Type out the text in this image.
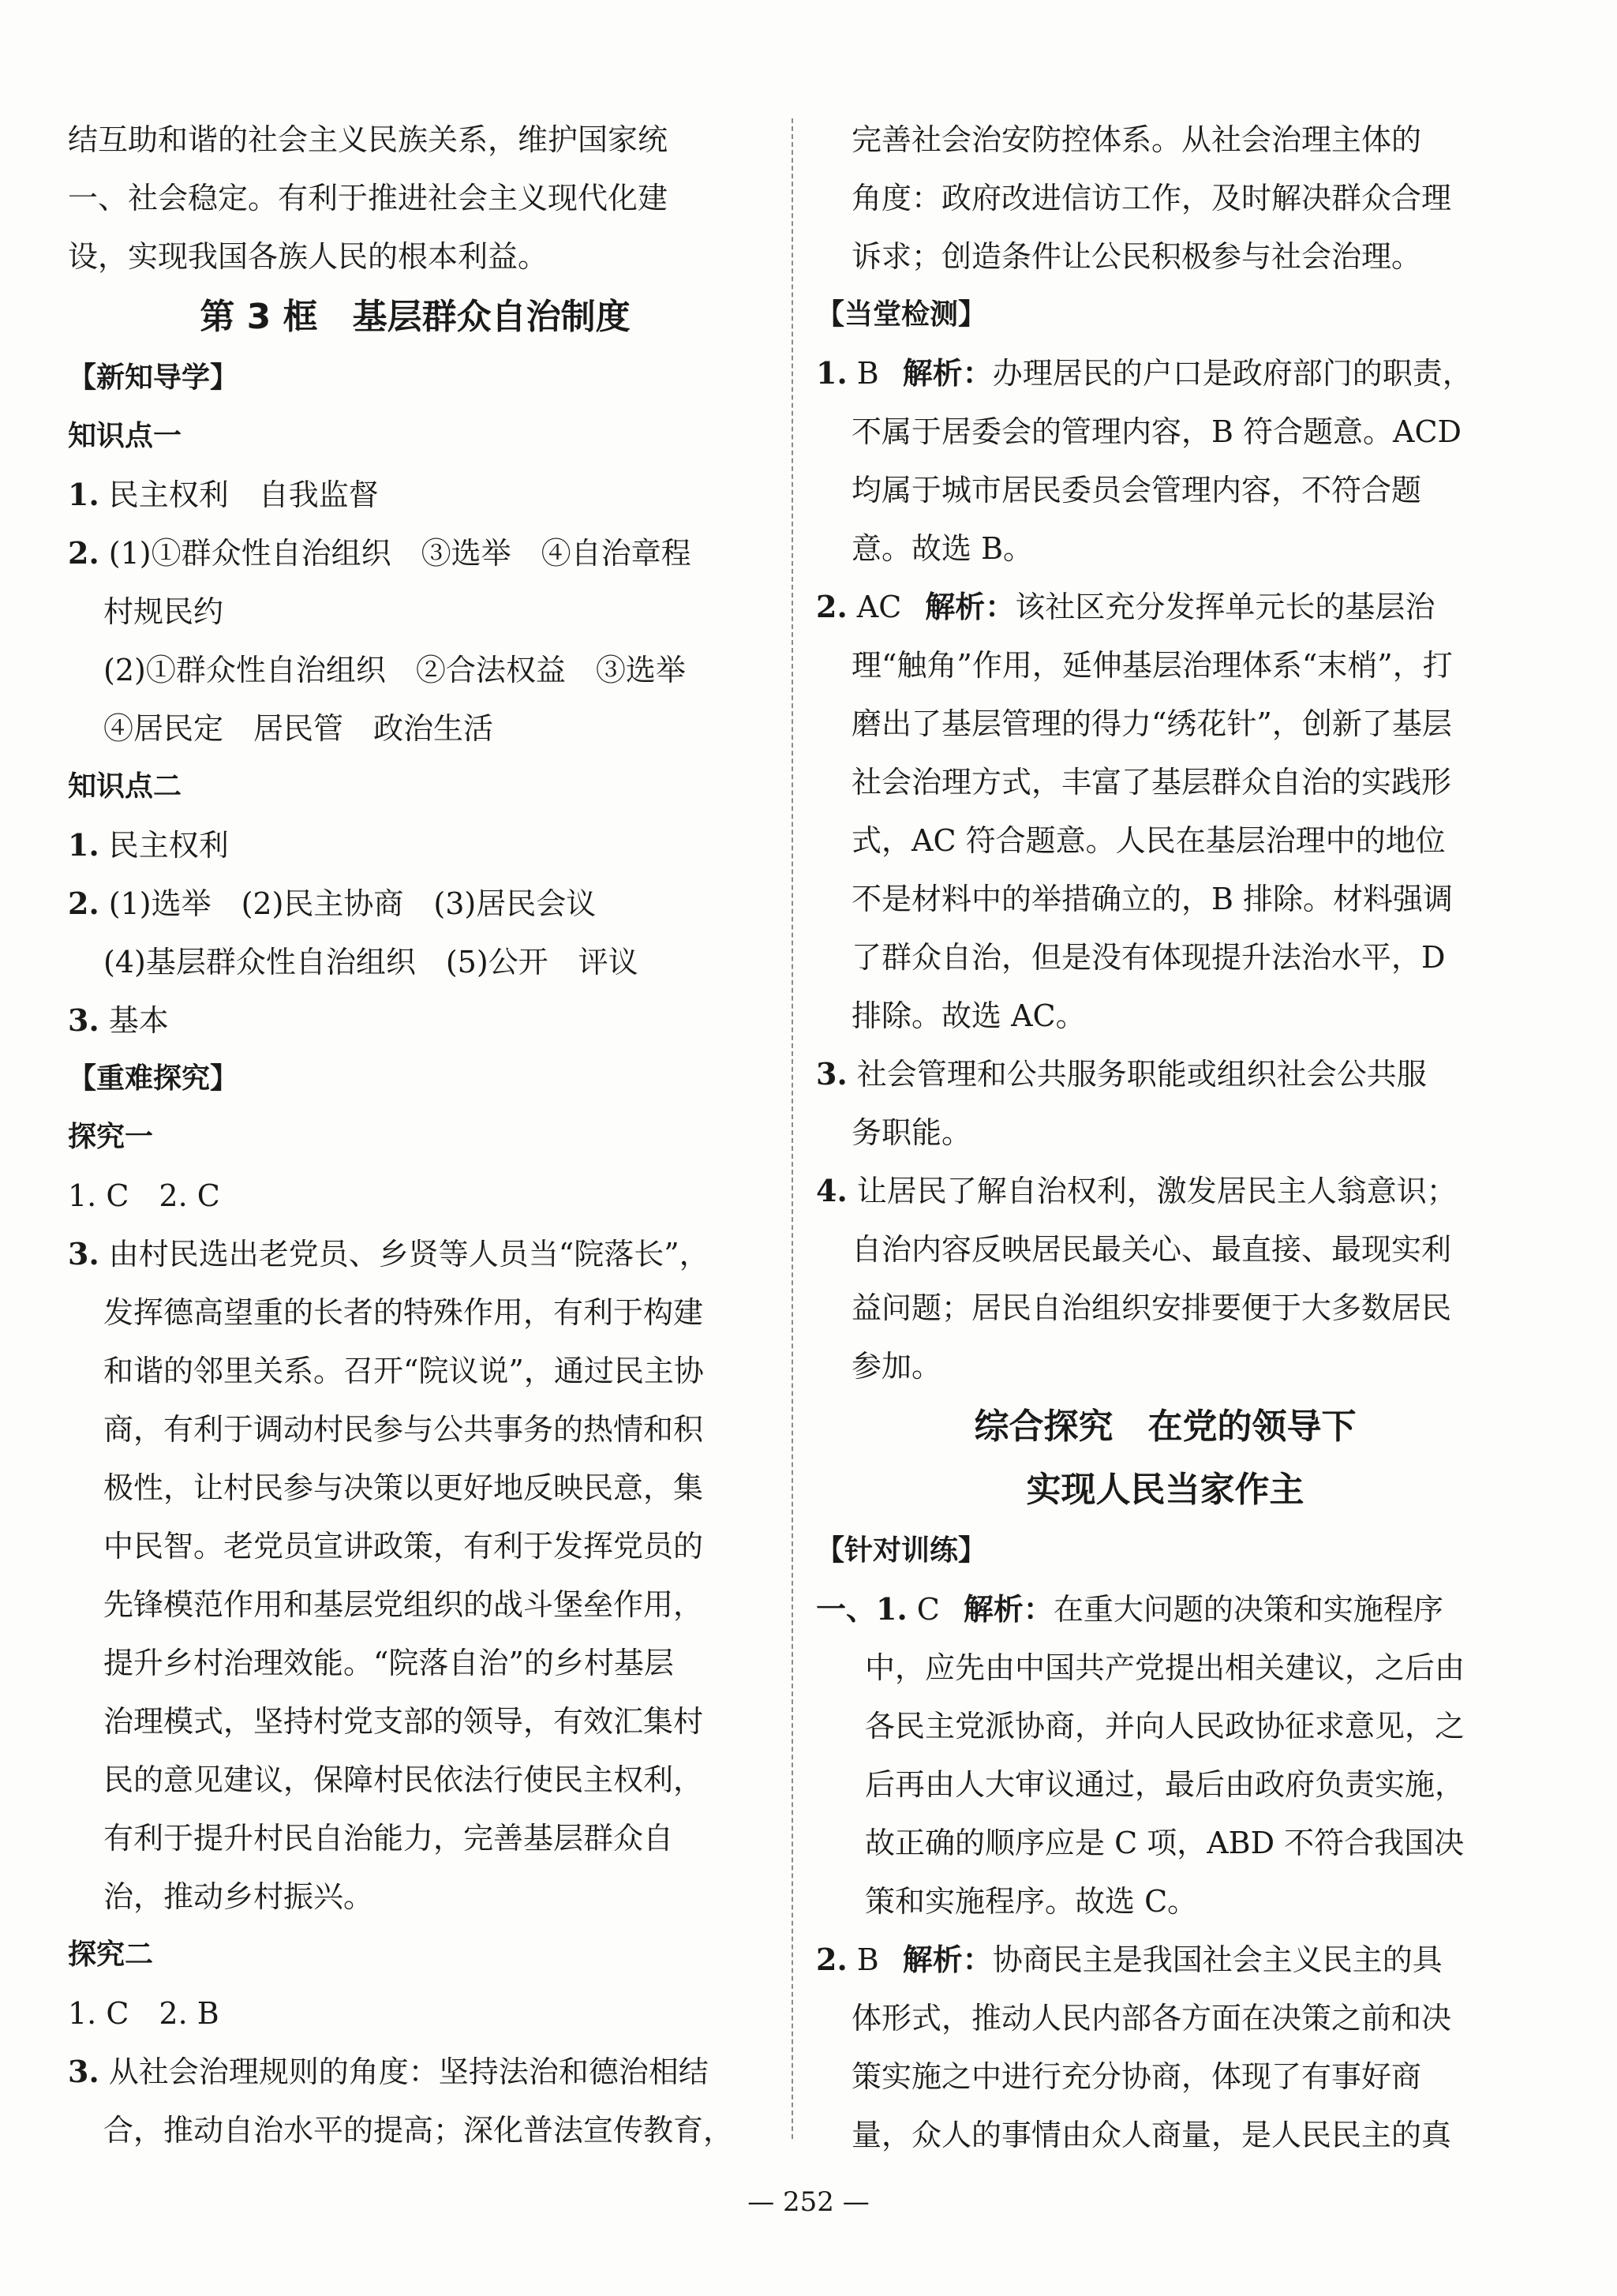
结互助和谐的社会主义民族关系，维护国家统
一、社会稳定。有利于推进社会主义现代化建
设，实现我国各族人民的根本利益。
第 3 框　基层群众自治制度
【新知导学】
知识点一
1. 民主权利　自我监督
2. (1)①群众性自治组织　③选举　④自治章程
村规民约
(2)①群众性自治组织　②合法权益　③选举
④居民定　居民管　政治生活
知识点二
1. 民主权利
2. (1)选举　(2)民主协商　(3)居民会议
(4)基层群众性自治组织　(5)公开　评议
3. 基本
【重难探究】
探究一
1. C　2. C
3. 由村民选出老党员、乡贤等人员当“院落长”，
发挥德高望重的长者的特殊作用，有利于构建
和谐的邻里关系。召开“院议说”，通过民主协
商，有利于调动村民参与公共事务的热情和积
极性，让村民参与决策以更好地反映民意，集
中民智。老党员宣讲政策，有利于发挥党员的
先锋模范作用和基层党组织的战斗堡垒作用，
提升乡村治理效能。“院落自治”的乡村基层
治理模式，坚持村党支部的领导，有效汇集村
民的意见建议，保障村民依法行使民主权利，
有利于提升村民自治能力，完善基层群众自
治，推动乡村振兴。
探究二
1. C　2. B
3. 从社会治理规则的角度：坚持法治和德治相结
合，推动自治水平的提高；深化普法宣传教育，
完善社会治安防控体系。从社会治理主体的
角度：政府改进信访工作，及时解决群众合理
诉求；创造条件让公民积极参与社会治理。
【当堂检测】
1. B 解析：办理居民的户口是政府部门的职责，
不属于居委会的管理内容，B 符合题意。ACD
均属于城市居民委员会管理内容，不符合题
意。故选 B。
2. AC 解析：该社区充分发挥单元长的基层治
理“触角”作用，延伸基层治理体系“末梢”，打
磨出了基层管理的得力“绣花针”，创新了基层
社会治理方式，丰富了基层群众自治的实践形
式，AC 符合题意。人民在基层治理中的地位
不是材料中的举措确立的，B 排除。材料强调
了群众自治，但是没有体现提升法治水平，D
排除。故选 AC。
3. 社会管理和公共服务职能或组织社会公共服
务职能。
4. 让居民了解自治权利，激发居民主人翁意识；
自治内容反映居民最关心、最直接、最现实利
益问题；居民自治组织安排要便于大多数居民
参加。
综合探究　在党的领导下
实现人民当家作主
【针对训练】
一、1. C 解析：在重大问题的决策和实施程序
中，应先由中国共产党提出相关建议，之后由
各民主党派协商，并向人民政协征求意见，之
后再由人大审议通过，最后由政府负责实施，
故正确的顺序应是 C 项，ABD 不符合我国决
策和实施程序。故选 C。
2. B 解析：协商民主是我国社会主义民主的具
体形式，推动人民内部各方面在决策之前和决
策实施之中进行充分协商，体现了有事好商
量，众人的事情由众人商量，是人民民主的真
— 252 —
